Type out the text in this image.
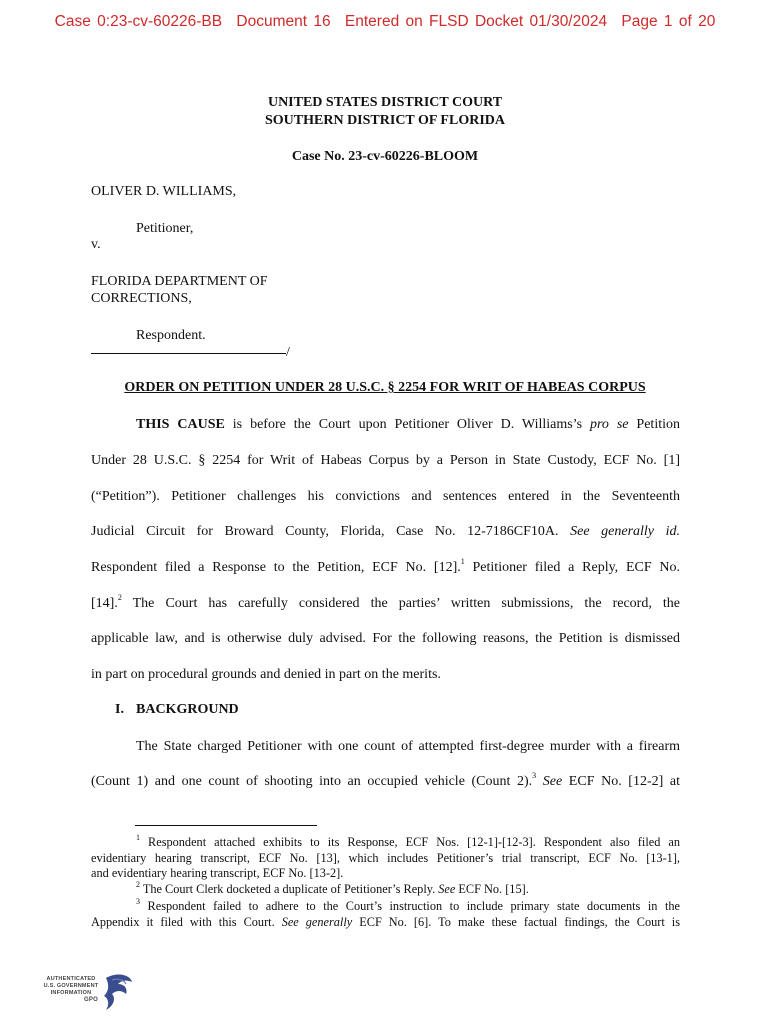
Case 0:23-cv-60226-BB Document 16 Entered on FLSD Docket 01/30/2024 Page 1 of 20
UNITED STATES DISTRICT COURT
SOUTHERN DISTRICT OF FLORIDA
Case No. 23-cv-60226-BLOOM
OLIVER D. WILLIAMS,
Petitioner,
v.
FLORIDA DEPARTMENT OF
CORRECTIONS,
Respondent.
/
ORDER ON PETITION UNDER 28 U.S.C. § 2254 FOR WRIT OF HABEAS CORPUS
THIS CAUSE is before the Court upon Petitioner Oliver D. Williams’s pro se Petition
Under 28 U.S.C. § 2254 for Writ of Habeas Corpus by a Person in State Custody, ECF No. [1]
(“Petition”). Petitioner challenges his convictions and sentences entered in the Seventeenth
Judicial Circuit for Broward County, Florida, Case No. 12-7186CF10A. See generally id.
Respondent filed a Response to the Petition, ECF No. [12].$^1$ Petitioner filed a Reply, ECF No.
[14].$^2$ The Court has carefully considered the parties’ written submissions, the record, the
applicable law, and is otherwise duly advised. For the following reasons, the Petition is dismissed
in part on procedural grounds and denied in part on the merits.
I. BACKGROUND
The State charged Petitioner with one count of attempted first-degree murder with a firearm
(Count 1) and one count of shooting into an occupied vehicle (Count 2).$^3$ See ECF No. [12-2] at
$^1$ Respondent attached exhibits to its Response, ECF Nos. [12-1]-[12-3]. Respondent also filed an
evidentiary hearing transcript, ECF No. [13], which includes Petitioner’s trial transcript, ECF No. [13-1],
and evidentiary hearing transcript, ECF No. [13-2].
$^2$ The Court Clerk docketed a duplicate of Petitioner’s Reply. See ECF No. [15].
$^3$ Respondent failed to adhere to the Court’s instruction to include primary state documents in the
Appendix it filed with this Court. See generally ECF No. [6]. To make these factual findings, the Court is
AUTHENTICATED
U.S. GOVERNMENT
INFORMATION
GPO
